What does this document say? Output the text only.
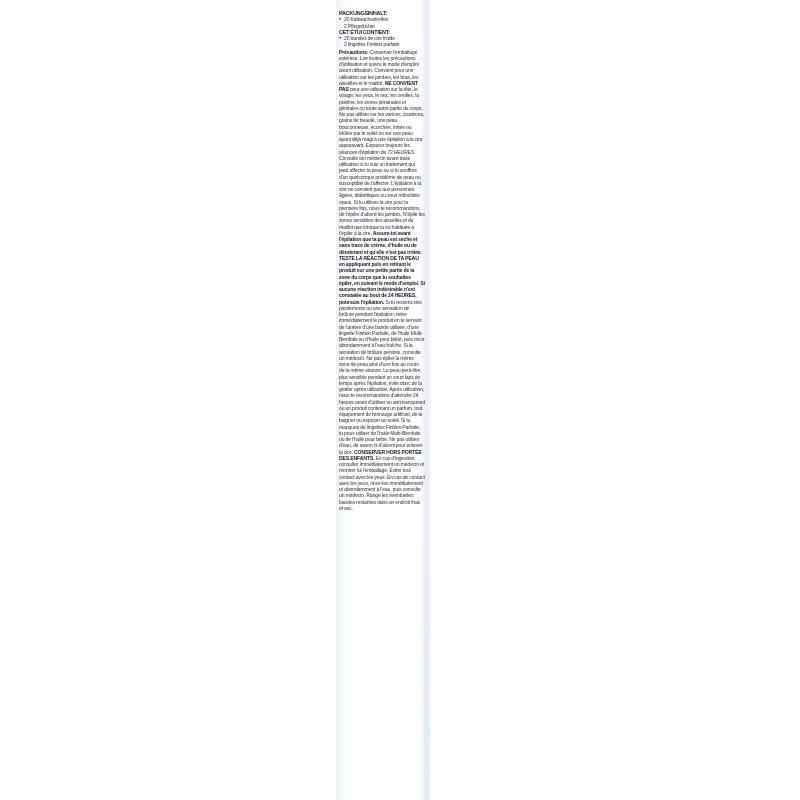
PACKUNGSINHALT:
• 20 Kaltwachsstreifen
2 Pflegetücher
CET ÉTUI CONTIENT:
• 20 bandes de cire froide
2 lingettes Finition parfaite
Précautions: Conserver l'emballage extérieur. Lire toutes les précautions d'utilisation et suivre le mode d'emploi avant utilisation. Convient pour une utilisation sur les jambes, les bras, les aisselles et le maillot. NE CONVIENT PAS pour une utilisation sur la tête, le visage, les yeux, le nez, les oreilles, la poitrine, les zones périanales et génitales ou toute autre partie du corps. Ne pas utiliser sur les varices, cicatrices, grains de beauté, une peau bouconneuse, écorchée, irritée ou brûlée par le soleil ou sur une peau ayant déjà réagi à une épilation à la cire auparavant. Espacez toujours les séances d'épilation de 72 HEURES. Consulte ton médecin avant toute utilisation si tu suis un traitement qui peut affecter ta peau ou si tu souffres d'un quelconque problème de peau ou susceptible de t'affecter. L'épilation à la cire ne convient pas aux personnes âgées, diabétiques ou sous rétinoïdes oraux. Si tu utilises la cire pour la première fois, nous te recommandons de t'épiler d'abord les jambes. N'épile les zones sensibles des aisselles et du maillot que lorsque tu es habituée à t'épiler à la cire. Assure-toi avant l'épilation que ta peau est sèche et sans trace de crème, d'huile ou de déodorant et qu'elle n'est pas irritée. TESTE LA RÉACTION DE TA PEAU en appliquant puis en retirant le produit sur une petite partie de la zone du corps que tu souhaites épiler, en suivant le mode d'emploi. Si aucune réaction indésirable n'est constatée au bout de 24 HEURES, poursuis l'épilation. Si tu ressens des picotements ou une sensation de brûlure pendant l'épilation, retire immédiatement le produit en te servant de l'arrière d'une bande utilisée, d'une lingette Finition Parfaite, de l'huile Multi-Bienfaits ou d'huile pour bébé, puis rince abondamment à l'eau fraîche. Si la sensation de brûlure persiste, consulte un médecin. Ne pas épiler la même zone de peau plus d'une fois au cours de la même séance. La peau peut être plus sensible pendant un court laps de temps après l'épilation, évite donc de la gratter après utilisation. Après utilisation, nous te recommandons d'attendre 24 heures avant d'utiliser un anti-transpirant ou un produit contenant un parfum, tout équipement de bronzage artificiel, de te baigner ou exposer au soleil. Si tu manques de lingettes Finition Parfaite, tu peux utiliser de l'huile Multi-Bienfaits ou de l'huile pour bébé. Ne pas utiliser d'eau, de savon ni d'alcool pour enlever la cire. CONSERVER HORS PORTÉE DES ENFANTS. En cas d'ingestion, consulter immédiatement un médecin et montrer lui l'emballage. Éviter tout contact avec les yeux. En cas de contact avec les yeux, rince-les immédiatement et abondamment à l'eau, puis consulte un médecin. Range les éventuelles bandes restantes dans un endroit frais et sec.
